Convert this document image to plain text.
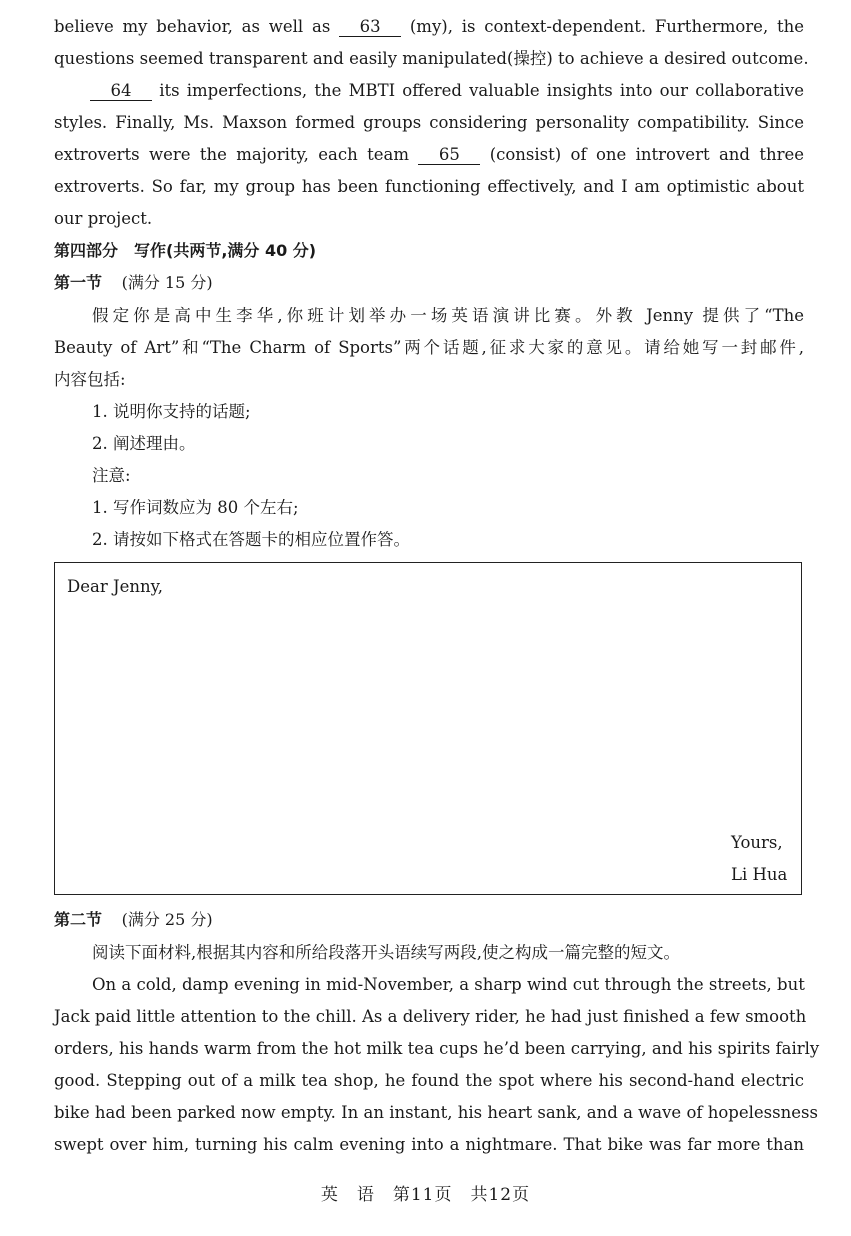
believe my behavior, as well as 63 (my), is context-dependent. Furthermore, the
questions seemed transparent and easily manipulated(操控) to achieve a desired outcome.
64 its imperfections, the MBTI offered valuable insights into our collaborative
styles. Finally, Ms. Maxson formed groups considering personality compatibility. Since
extroverts were the majority, each team 65 (consist) of one introvert and three
extroverts. So far, my group has been functioning effectively, and I am optimistic about
our project.
第四部分　写作(共两节,满分 40 分)
第一节 (满分 15 分)
假定你是高中生李华,你班计划举办一场英语演讲比赛。外教 Jenny 提供了“The
Beauty of Art”和“The Charm of Sports”两个话题,征求大家的意见。请给她写一封邮件,
内容包括:
1. 说明你支持的话题;
2. 阐述理由。
注意:
1. 写作词数应为 80 个左右;
2. 请按如下格式在答题卡的相应位置作答。
Dear Jenny,
Yours,
Li Hua
第二节 (满分 25 分)
阅读下面材料,根据其内容和所给段落开头语续写两段,使之构成一篇完整的短文。
On a cold, damp evening in mid-November, a sharp wind cut through the streets, but
Jack paid little attention to the chill. As a delivery rider, he had just finished a few smooth
orders, his hands warm from the hot milk tea cups he’d been carrying, and his spirits fairly
good. Stepping out of a milk tea shop, he found the spot where his second-hand electric
bike had been parked now empty. In an instant, his heart sank, and a wave of hopelessness
swept over him, turning his calm evening into a nightmare. That bike was far more than
英　语　第11页　共12页
